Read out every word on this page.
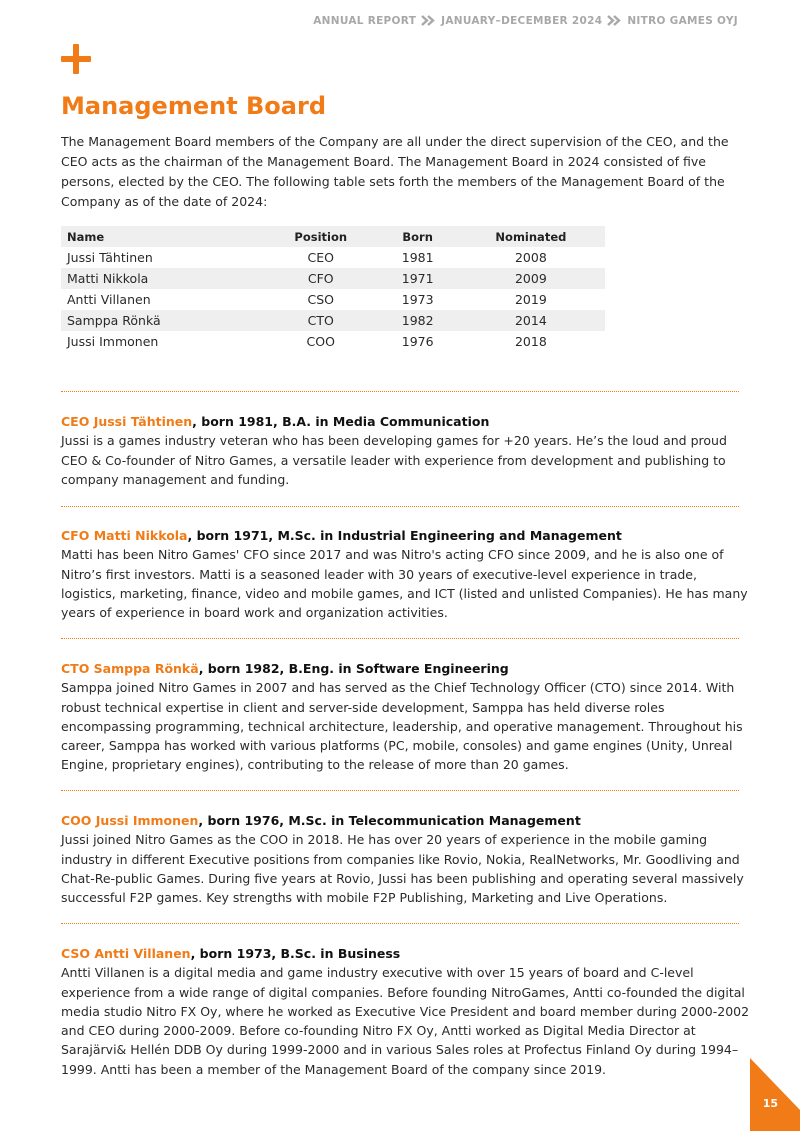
ANNUAL REPORT JANUARY–DECEMBER 2024 NITRO GAMES OYJ
Management Board

The Management Board members of the Company are all under the direct supervision of the CEO, and the CEO acts as the chairman of the Management Board. The Management Board in 2024 consisted of five persons, elected by the CEO. The following table sets forth the members of the Management Board of the Company as of the date of 2024:

Name	Position	Born	Nominated
Jussi Tähtinen	CEO	1981	2008
Matti Nikkola	CFO	1971	2009
Antti Villanen	CSO	1973	2019
Samppa Rönkä	CTO	1982	2014
Jussi Immonen	COO	1976	2018
CEO Jussi Tähtinen, born 1981, B.A. in Media Communication

Jussi is a games industry veteran who has been developing games for +20 years. He’s the loud and proud CEO & Co-founder of Nitro Games, a versatile leader with experience from development and publishing to company management and funding.

CFO Matti Nikkola, born 1971, M.Sc. in Industrial Engineering and Management

Matti has been Nitro Games' CFO since 2017 and was Nitro's acting CFO since 2009, and he is also one of Nitro’s first investors. Matti is a seasoned leader with 30 years of executive-level experience in trade, logistics, marketing, finance, video and mobile games, and ICT (listed and unlisted Companies). He has many years of experience in board work and organization activities.

CTO Samppa Rönkä, born 1982, B.Eng. in Software Engineering

Samppa joined Nitro Games in 2007 and has served as the Chief Technology Officer (CTO) since 2014. With robust technical expertise in client and server-side development, Samppa has held diverse roles encompassing programming, technical architecture, leadership, and operative management. Throughout his career, Samppa has worked with various platforms (PC, mobile, consoles) and game engines (Unity, Unreal Engine, proprietary engines), contributing to the release of more than 20 games.

COO Jussi Immonen, born 1976, M.Sc. in Telecommunication Management

Jussi joined Nitro Games as the COO in 2018. He has over 20 years of experience in the mobile gaming industry in different Executive positions from companies like Rovio, Nokia, RealNetworks, Mr. Goodliving and Chat-Re-public Games. During five years at Rovio, Jussi has been publishing and operating several massively successful F2P games. Key strengths with mobile F2P Publishing, Marketing and Live Operations.

CSO Antti Villanen, born 1973, B.Sc. in Business

Antti Villanen is a digital media and game industry executive with over 15 years of board and C-level experience from a wide range of digital companies. Before founding NitroGames, Antti co-founded the digital media studio Nitro FX Oy, where he worked as Executive Vice President and board member during 2000-2002 and CEO during 2000-2009. Before co-founding Nitro FX Oy, Antti worked as Digital Media Director at Sarajärvi& Hellén DDB Oy during 1999-2000 and in various Sales roles at Profectus Finland Oy during 1994–1999. Antti has been a member of the Management Board of the company since 2019.

15
